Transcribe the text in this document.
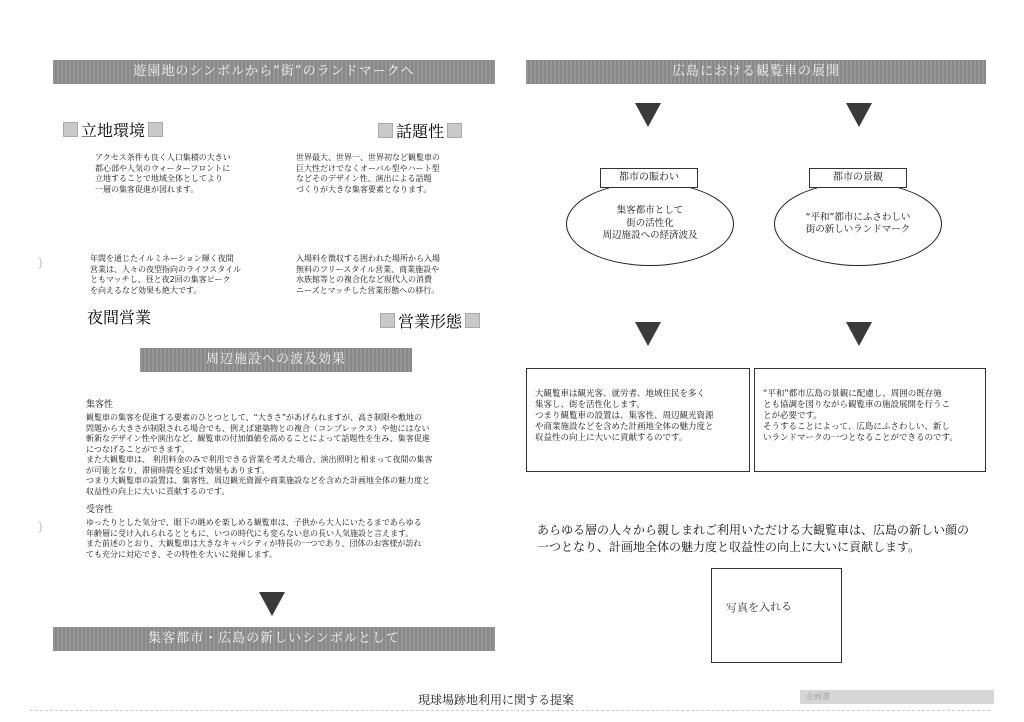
遊園地のシンボルから“街”のランドマークへ
立地環境	話題性

アクセス条件も良く人口集積の大きい
都心部や人気のウォーターフロントに
立地することで地域全体としてより
一層の集客促進が図れます。

世界最大、世界一、世界初など観覧車の
巨大性だけでなくオーバル型やハート型
などそのデザイン性、演出による話題
づくりが大きな集客要素となります。

年間を通じたイルミネーション輝く夜間
営業は、人々の夜型指向のライフスタイル
ともマッチし、昼と夜2回の集客ピーク
を向えるなど効果も絶大です。

入場料を徴収する囲われた場所から入場
無料のフリースタイル営業、商業施設や
水族館等との複合化など現代人の消費
ニーズとマッチした営業形態への移行。

夜間営業	営業形態
周辺施設への波及効果
集客性
観覧車の集客を促進する要素のひとつとして、“大きさ”があげられますが、高さ制限や敷地の
問題から大きさが制限される場合でも、例えば建築物との複合（コンプレックス）や他にはない
斬新なデザイン性や演出など、観覧車の付加価値を高めることによって話題性を生み、集客促進
につなげることができます。
また大観覧車は、 利用料金のみで利用できる営業を考えた場合、演出照明と相まって夜間の集客
が可能となり、滞留時間を延ばす効果もあります。
つまり大観覧車の設置は、集客性、周辺観光資源や商業施設などを含めた計画地全体の魅力度と
収益性の向上に大いに貢献するのです。
受容性
ゆったりとした気分で、眼下の眺めを楽しめる観覧車は、子供から大人にいたるまであらゆる
年齢層に受け入れられるとともに、いつの時代にも変らない息の長い人気施設と言えます。
また前述のとおり、大観覧車は大きなキャパシティが特長の一つであり、団体のお客様が訪れ
ても充分に対応でき、その特性を大いに発揮します。
集客都市・広島の新しいシンボルとして
広島における観覧車の展開
都市の賑わい	都市の景観
集客都市として
街の活性化
周辺施設への経済波及
“平和”都市にふさわしい
街の新しいランドマーク
大観覧車は観光客、就労者、地域住民を多く
集客し、街を活性化します。
つまり観覧車の設置は、集客性、周辺観光資源
や商業施設などを含めた計画地全体の魅力度と
収益性の向上に大いに貢献するのです。
“平和”都市広島の景観に配慮し、周囲の既存施
とも協調を図りながら観覧車の施設展開を行うこ
とが必要です。
そうすることによって、広島にふさわしい、新し
いランドマークの一つとなることができるのです。
あらゆる層の人々から親しまれご利用いただける大観覧車は、広島の新しい顔の
一つとなり、計画地全体の魅力度と収益性の向上に大いに貢献します。
写真を入れる
現球場跡地利用に関する提案	企画書
)
)
